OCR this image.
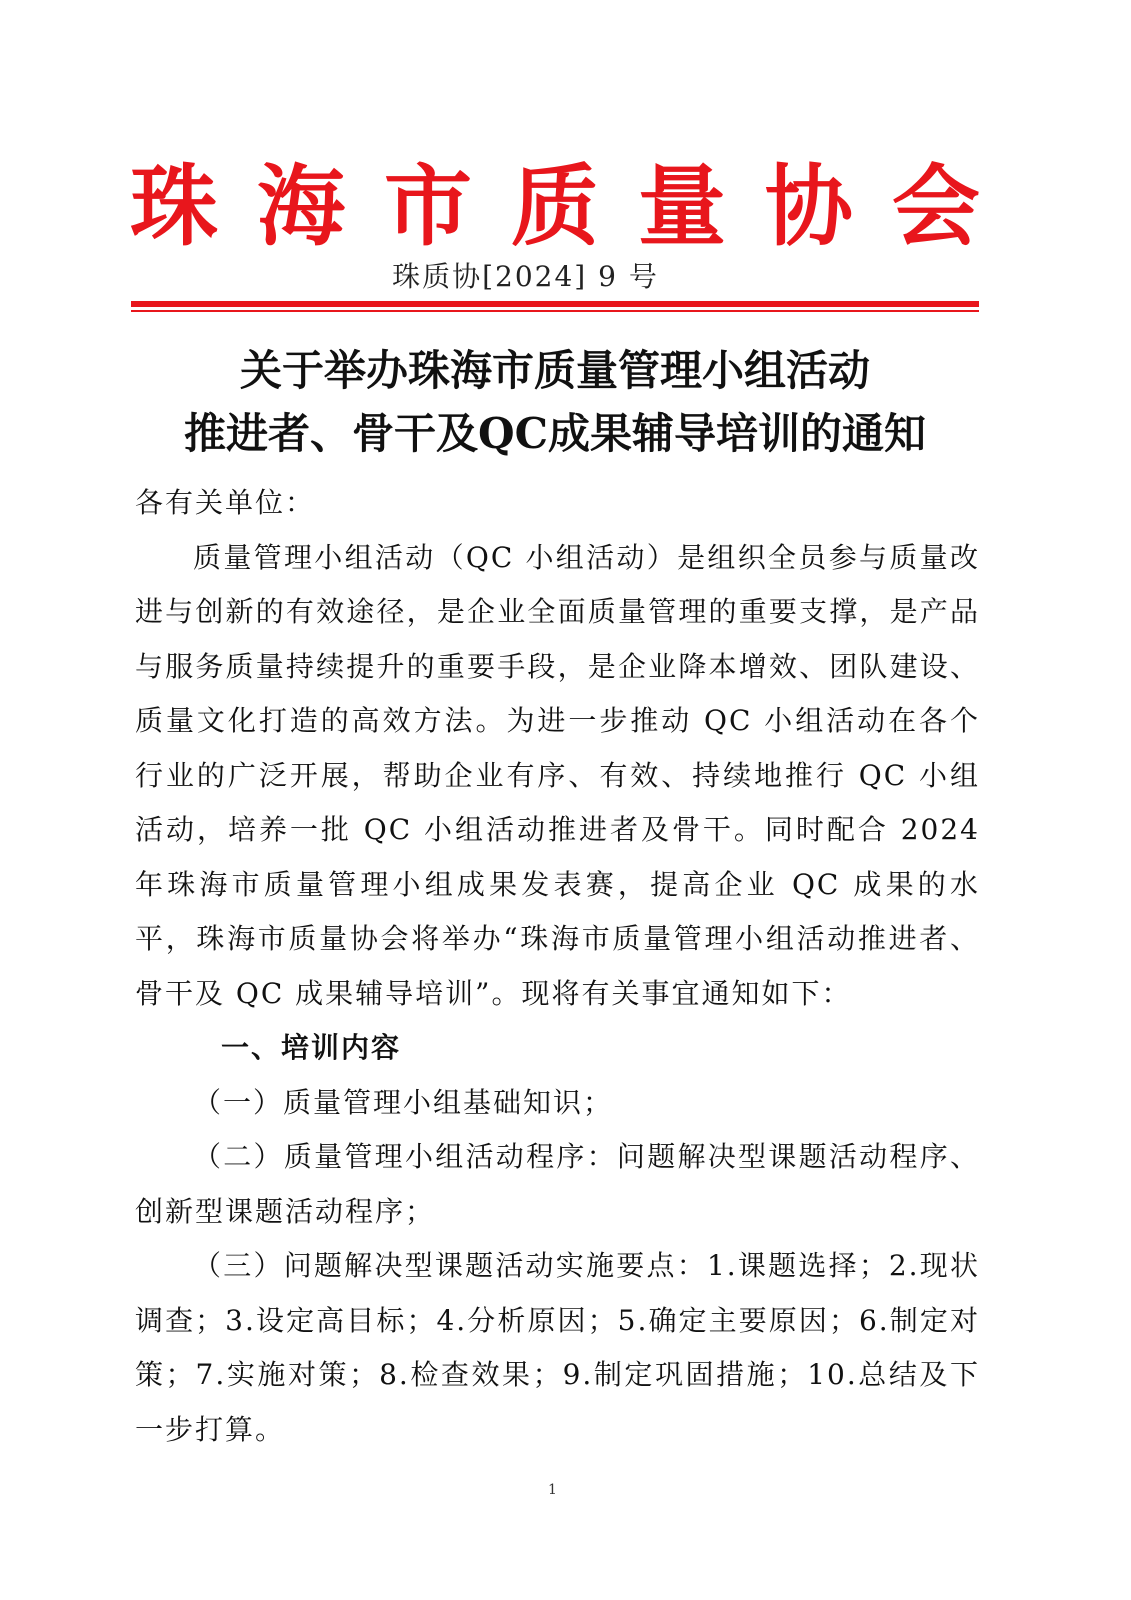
珠 海 市 质 量 协 会
珠质协[2024] 9 号
关于举办珠海市质量管理小组活动
推进者、骨干及QC成果辅导培训的通知

各有关单位：

质量管理小组活动（QC 小组活动）是组织全员参与质量改进与创新的有效途径，是企业全面质量管理的重要支撑，是产品与服务质量持续提升的重要手段，是企业降本增效、团队建设、质量文化打造的高效方法。为进一步推动 QC 小组活动在各个行业的广泛开展，帮助企业有序、有效、持续地推行 QC 小组活动，培养一批 QC 小组活动推进者及骨干。同时配合 2024 年珠海市质量管理小组成果发表赛，提高企业 QC 成果的水平，珠海市质量协会将举办“珠海市质量管理小组活动推进者、骨干及 QC 成果辅导培训”。现将有关事宜通知如下：

一、培训内容

（一）质量管理小组基础知识；

（二）质量管理小组活动程序：问题解决型课题活动程序、创新型课题活动程序；

（三）问题解决型课题活动实施要点：1.课题选择；2.现状调查；3.设定高目标；4.分析原因；5.确定主要原因；6.制定对策；7.实施对策；8.检查效果；9.制定巩固措施；10.总结及下一步打算。

1
